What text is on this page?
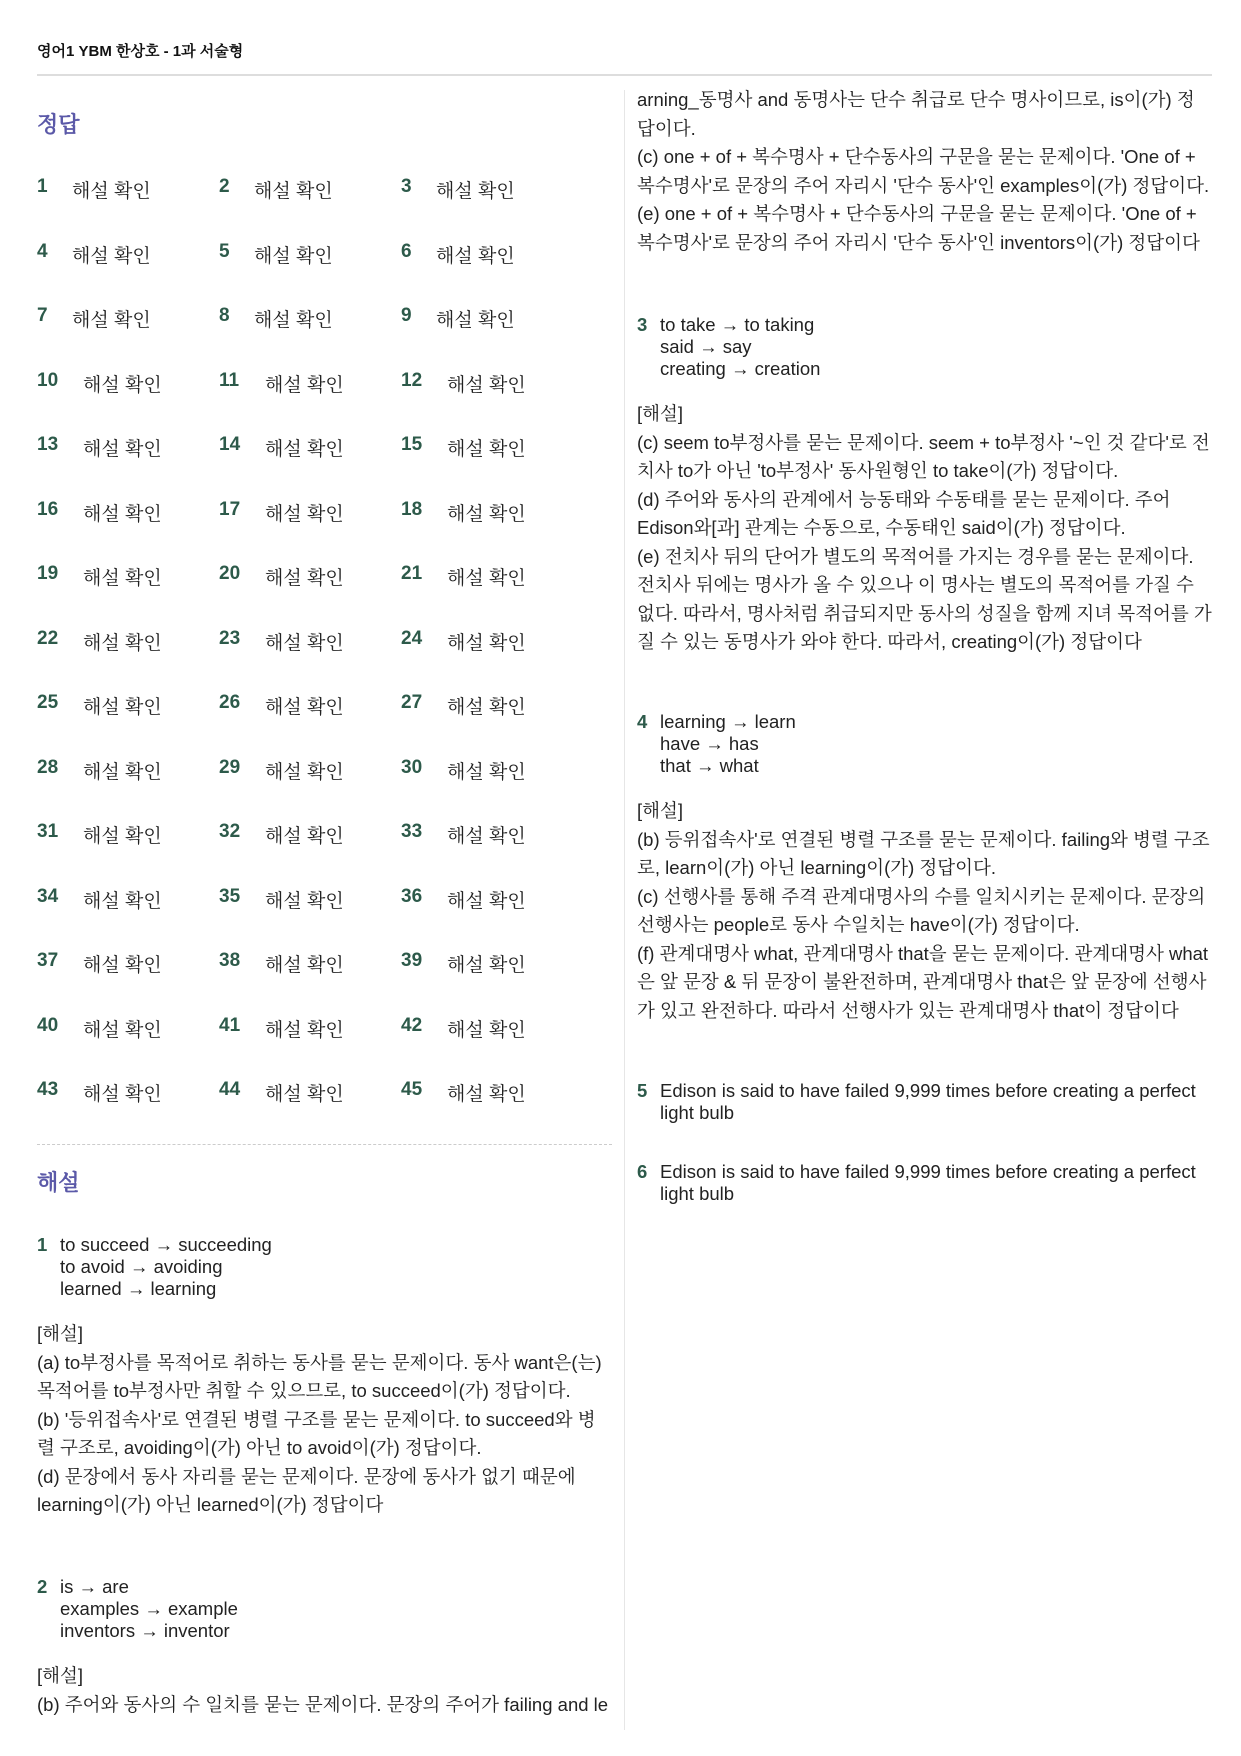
영어1 YBM 한상호 - 1과 서술형
정답
1	해설 확인	2	해설 확인	3	해설 확인
4	해설 확인	5	해설 확인	6	해설 확인
7	해설 확인	8	해설 확인	9	해설 확인
10	해설 확인	11	해설 확인	12	해설 확인
13	해설 확인	14	해설 확인	15	해설 확인
16	해설 확인	17	해설 확인	18	해설 확인
19	해설 확인	20	해설 확인	21	해설 확인
22	해설 확인	23	해설 확인	24	해설 확인
25	해설 확인	26	해설 확인	27	해설 확인
28	해설 확인	29	해설 확인	30	해설 확인
31	해설 확인	32	해설 확인	33	해설 확인
34	해설 확인	35	해설 확인	36	해설 확인
37	해설 확인	38	해설 확인	39	해설 확인
40	해설 확인	41	해설 확인	42	해설 확인
43	해설 확인	44	해설 확인	45	해설 확인
해설
1 to succeed → succeeding
to avoid → avoiding
learned → learning

[해설]

(a) to부정사를 목적어로 취하는 동사를 묻는 문제이다. 동사 want은(는) 목적어를 to부정사만 취할 수 있으므로, to succeed이(가) 정답이다.

(b) '등위접속사'로 연결된 병렬 구조를 묻는 문제이다. to succeed와 병렬 구조로, avoiding이(가) 아닌 to avoid이(가) 정답이다.

(d) 문장에서 동사 자리를 묻는 문제이다. 문장에 동사가 없기 때문에 learning이(가) 아닌 learned이(가) 정답이다

2 is → are
examples → example
inventors → inventor

[해설]

(b) 주어와 동사의 수 일치를 묻는 문제이다. 문장의 주어가 failing and le

arning_동명사 and 동명사는 단수 취급로 단수 명사이므로, is이(가) 정답이다.

(c) one + of + 복수명사 + 단수동사의 구문을 묻는 문제이다. 'One of + 복수명사'로 문장의 주어 자리시 '단수 동사'인 examples이(가) 정답이다.

(e) one + of + 복수명사 + 단수동사의 구문을 묻는 문제이다. 'One of + 복수명사'로 문장의 주어 자리시 '단수 동사'인 inventors이(가) 정답이다

3 to take → to taking
said → say
creating → creation

[해설]

(c) seem to부정사를 묻는 문제이다. seem + to부정사 '~인 것 같다'로 전치사 to가 아닌 'to부정사' 동사원형인 to take이(가) 정답이다.

(d) 주어와 동사의 관계에서 능동태와 수동태를 묻는 문제이다. 주어 Edison와[과] 관계는 수동으로, 수동태인 said이(가) 정답이다.

(e) 전치사 뒤의 단어가 별도의 목적어를 가지는 경우를 묻는 문제이다. 전치사 뒤에는 명사가 올 수 있으나 이 명사는 별도의 목적어를 가질 수 없다. 따라서, 명사처럼 취급되지만 동사의 성질을 함께 지녀 목적어를 가질 수 있는 동명사가 와야 한다. 따라서, creating이(가) 정답이다

4 learning → learn
have → has
that → what

[해설]

(b) 등위접속사'로 연결된 병렬 구조를 묻는 문제이다. failing와 병렬 구조로, learn이(가) 아닌 learning이(가) 정답이다.

(c) 선행사를 통해 주격 관계대명사의 수를 일치시키는 문제이다. 문장의 선행사는 people로 동사 수일치는 have이(가) 정답이다.

(f) 관계대명사 what, 관계대명사 that을 묻는 문제이다. 관계대명사 what은 앞 문장 & 뒤 문장이 불완전하며, 관계대명사 that은 앞 문장에 선행사가 있고 완전하다. 따라서 선행사가 있는 관계대명사 that이 정답이다

5 Edison is said to have failed 9,999 times before creating a perfect light bulb
6 Edison is said to have failed 9,999 times before creating a perfect light bulb
